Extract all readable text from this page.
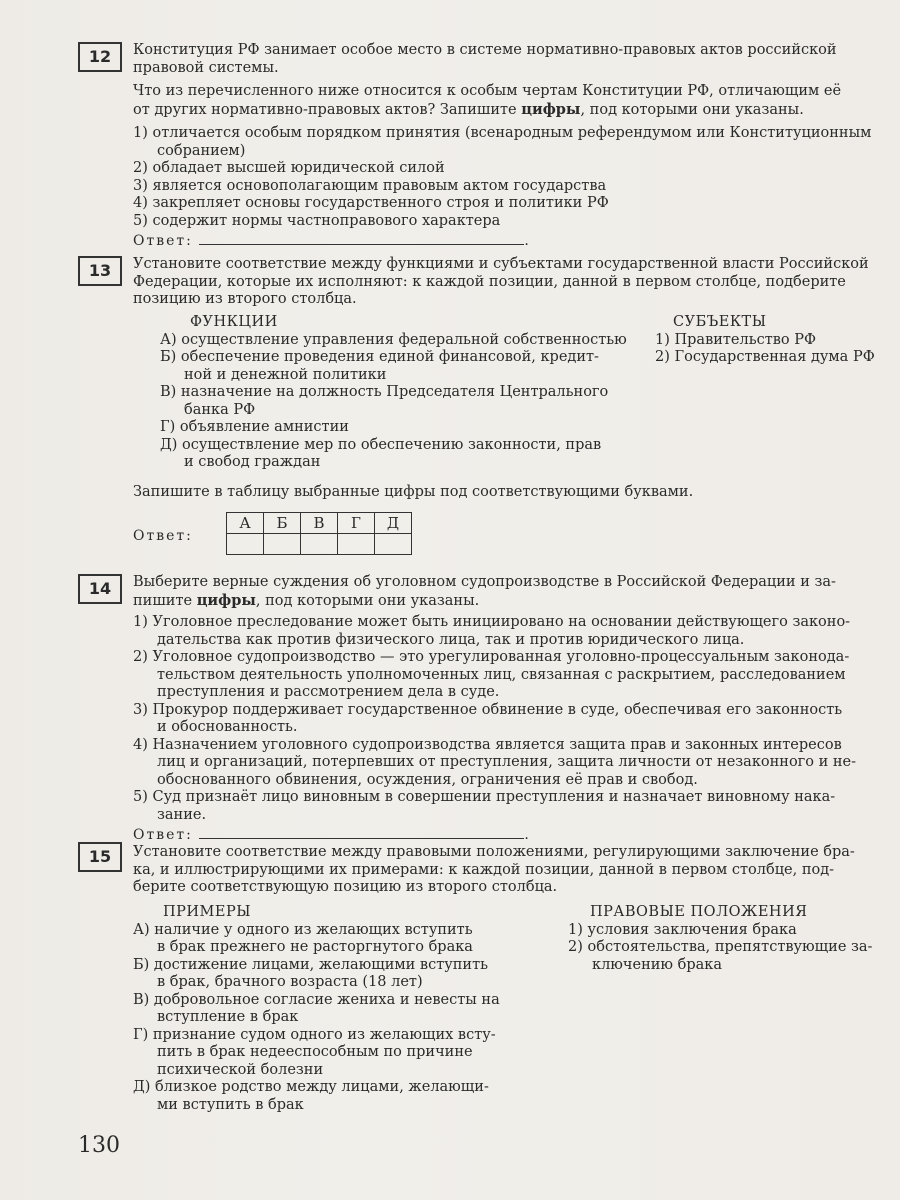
12	Конституция РФ занимает особое место в системе нормативно-правовых актов российской
правовой системы.
Что из перечисленного ниже относится к особым чертам Конституции РФ, отличающим её
от других нормативно-правовых актов? Запишите цифры, под которыми они указаны.
1) отличается особым порядком принятия (всенародным референдумом или Конституционным
собранием)
2) обладает высшей юридической силой
3) является основополагающим правовым актом государства
4) закрепляет основы государственного строя и политики РФ
5) содержит нормы частноправового характера
Ответ:	.
13	Установите соответствие между функциями и субъектами государственной власти Российской
Федерации, которые их исполняют: к каждой позиции, данной в первом столбце, подберите
позицию из второго столбца.
ФУНКЦИИ
А) осуществление управления федеральной собственностью
Б) обеспечение проведения единой финансовой, кредит-
ной и денежной политики
В) назначение на должность Председателя Центрального
банка РФ
Г) объявление амнистии
Д) осуществление мер по обеспечению законности, прав
и свобод граждан
СУБЪЕКТЫ
1) Правительство РФ
2) Государственная дума РФ
Запишите в таблицу выбранные цифры под соответствующими буквами.
Ответ:
А	Б	В	Г	Д

14	Выберите верные суждения об уголовном судопроизводстве в Российской Федерации и за-
пишите цифры, под которыми они указаны.
1) Уголовное преследование может быть инициировано на основании действующего законо-
дательства как против физического лица, так и против юридического лица.
2) Уголовное судопроизводство — это урегулированная уголовно-процессуальным законода-
тельством деятельность уполномоченных лиц, связанная с раскрытием, расследованием
преступления и рассмотрением дела в суде.
3) Прокурор поддерживает государственное обвинение в суде, обеспечивая его законность
и обоснованность.
4) Назначением уголовного судопроизводства является защита прав и законных интересов
лиц и организаций, потерпевших от преступления, защита личности от незаконного и не-
обоснованного обвинения, осуждения, ограничения её прав и свобод.
5) Суд признаёт лицо виновным в совершении преступления и назначает виновному нака-
зание.
Ответ:	.
15	Установите соответствие между правовыми положениями, регулирующими заключение бра-
ка, и иллюстрирующими их примерами: к каждой позиции, данной в первом столбце, под-
берите соответствующую позицию из второго столбца.
ПРИМЕРЫ
А) наличие у одного из желающих вступить
в брак прежнего не расторгнутого брака
Б) достижение лицами, желающими вступить
в брак, брачного возраста (18 лет)
В) добровольное согласие жениха и невесты на
вступление в брак
Г) признание судом одного из желающих всту-
пить в брак недееспособным по причине
психической болезни
Д) близкое родство между лицами, желающи-
ми вступить в брак
ПРАВОВЫЕ ПОЛОЖЕНИЯ
1) условия заключения брака
2) обстоятельства, препятствующие за-
ключению брака
130
